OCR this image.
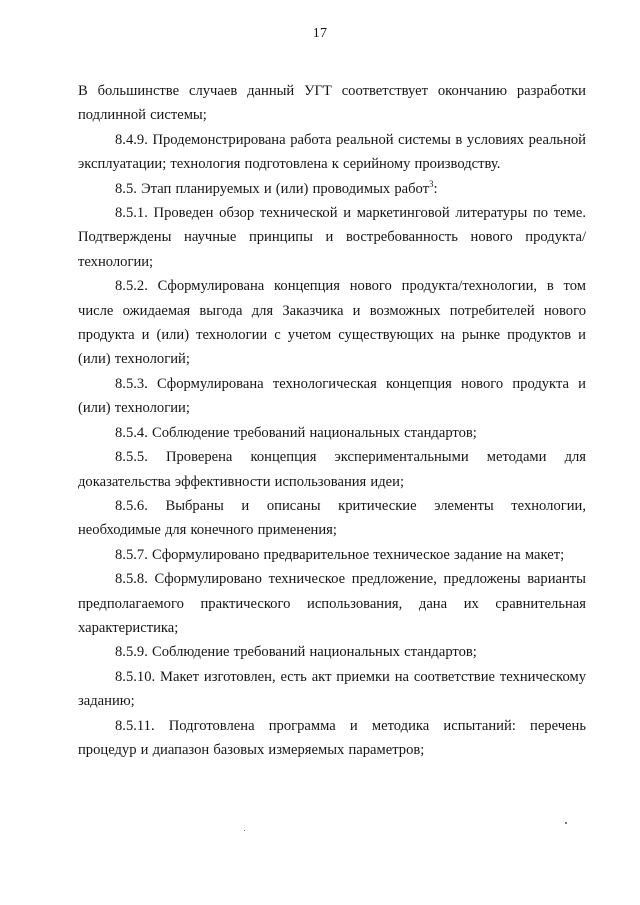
17

В большинстве случаев данный УГТ соответствует окончанию разработки подлинной системы;

8.4.9. Продемонстрирована работа реальной системы в условиях реальной эксплуатации; технология подготовлена к серийному производству.

8.5. Этап планируемых и (или) проводимых работ$^3$:

8.5.1. Проведен обзор технической и маркетинговой литературы по теме. Подтверждены научные принципы и востребованность нового продукта/технологии;

8.5.2. Сформулирована концепция нового продукта/технологии, в том числе ожидаемая выгода для Заказчика и возможных потребителей нового продукта и (или) технологии с учетом существующих на рынке продуктов и (или) технологий;

8.5.3. Сформулирована технологическая концепция нового продукта и (или) технологии;

8.5.4. Соблюдение требований национальных стандартов;

8.5.5. Проверена концепция экспериментальными методами для доказательства эффективности использования идеи;

8.5.6. Выбраны и описаны критические элементы технологии, необходимые для конечного применения;

8.5.7. Сформулировано предварительное техническое задание на макет;

8.5.8. Сформулировано техническое предложение, предложены варианты предполагаемого практического использования, дана их сравнительная характеристика;

8.5.9. Соблюдение требований национальных стандартов;

8.5.10. Макет изготовлен, есть акт приемки на соответствие техническому заданию;

8.5.11. Подготовлена программа и методика испытаний: перечень процедур и диапазон базовых измеряемых параметров;
